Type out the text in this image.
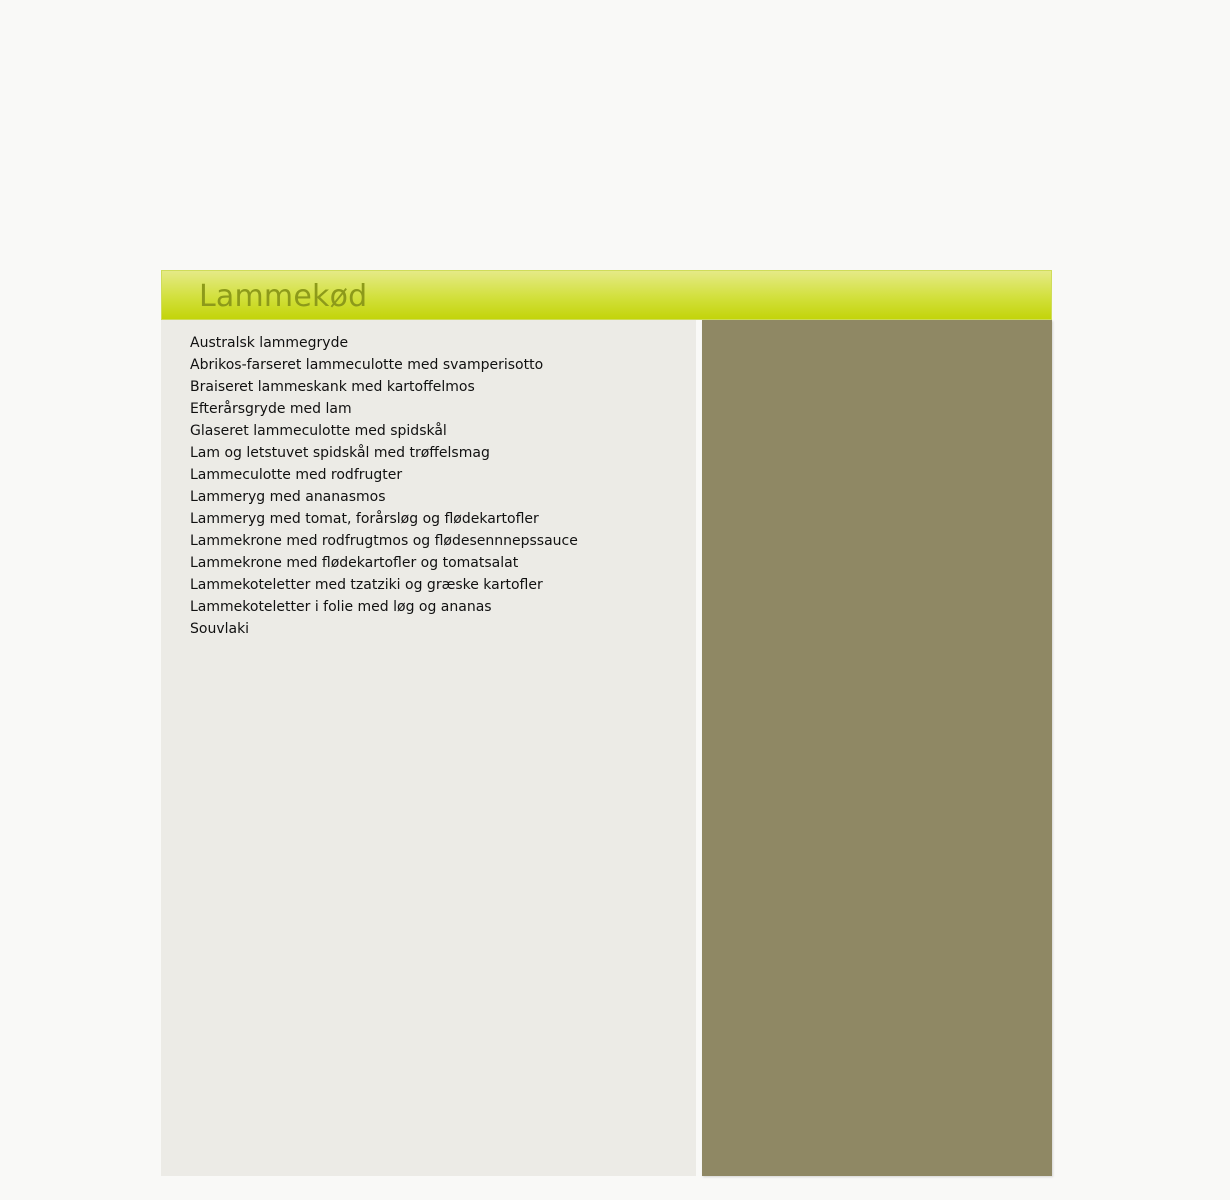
Lammekød
Australsk lammegryde
Abrikos-farseret lammeculotte med svamperisotto
Braiseret lammeskank med kartoffelmos
Efterårsgryde med lam
Glaseret lammeculotte med spidskål
Lam og letstuvet spidskål med trøffelsmag
Lammeculotte med rodfrugter
Lammeryg med ananasmos
Lammeryg med tomat, forårsløg og flødekartofler
Lammekrone med rodfrugtmos og flødesennnepssauce
Lammekrone med flødekartofler og tomatsalat
Lammekoteletter med tzatziki og græske kartofler
Lammekoteletter i folie med løg og ananas
Souvlaki
